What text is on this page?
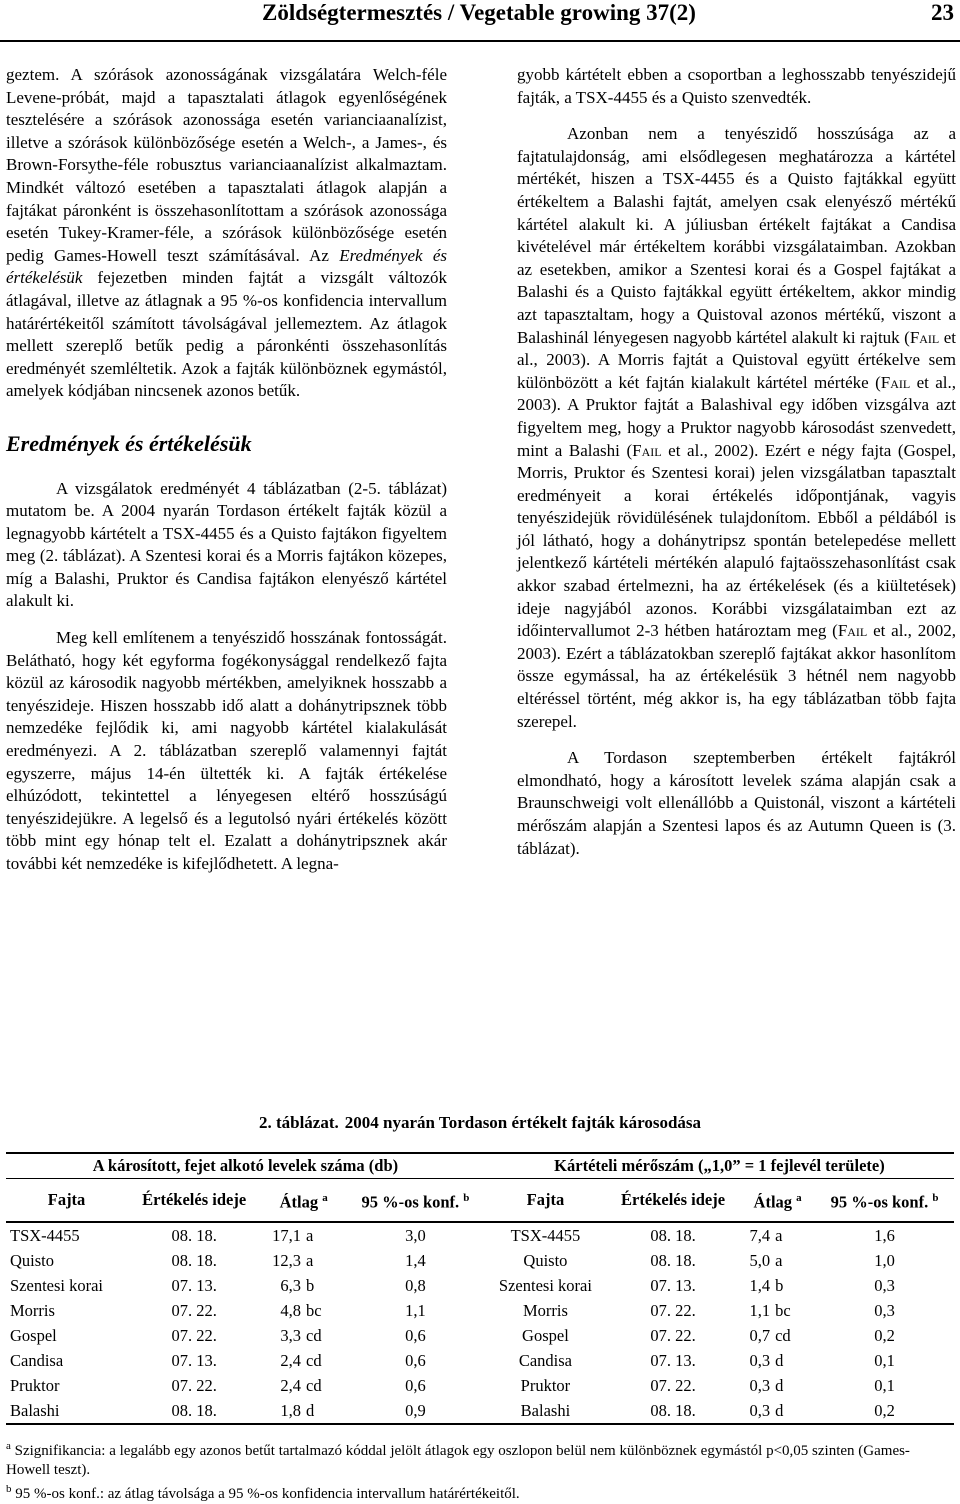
Zöldségtermesztés / Vegetable growing 37(2)	23

geztem. A szórások azonosságának vizsgálatára Welch-féle Levene-próbát, majd a tapasztalati átlagok egyenlőségének tesztelésére a szórások azonossága esetén varianciaanalízist, illetve a szórások különbözősége esetén a Welch-, a James-, és Brown-Forsythe-féle robusztus varianciaanalízist alkalmaztam. Mindkét változó esetében a tapasztalati átlagok alapján a fajtákat páronként is összehasonlítottam a szórások azonossága esetén Tukey-Kramer-féle, a szórások különbözősége esetén pedig Games-Howell teszt számításával. Az Eredmények és értékelésük fejezetben minden fajtát a vizsgált változók átlagával, illetve az átlagnak a 95 %-os konfidencia intervallum határértékeitől számított távolságával jellemeztem. Az átlagok mellett szereplő betűk pedig a páronkénti összehasonlítás eredményét szemléltetik. Azok a fajták különböznek egymástól, amelyek kódjában nincsenek azonos betűk.

Eredmények és értékelésük

A vizsgálatok eredményét 4 táblázatban (2-5. táblázat) mutatom be. A 2004 nyarán Tordason értékelt fajták közül a legnagyobb kártételt a TSX-4455 és a Quisto fajtákon figyeltem meg (2. táblázat). A Szentesi korai és a Morris fajtákon közepes, míg a Balashi, Pruktor és Candisa fajtákon elenyésző kártétel alakult ki.

Meg kell említenem a tenyészidő hosszának fontosságát. Belátható, hogy két egyforma fogékonysággal rendelkező fajta közül az károsodik nagyobb mértékben, amelyiknek hosszabb a tenyészideje. Hiszen hosszabb idő alatt a dohánytripsznek több nemzedéke fejlődik ki, ami nagyobb kártétel kialakulását eredményezi. A 2. táblázatban szereplő valamennyi fajtát egyszerre, május 14-én ültették ki. A fajták értékelése elhúzódott, tekintettel a lényegesen eltérő hosszúságú tenyészidejükre. A legelső és a legutolsó nyári értékelés között több mint egy hónap telt el. Ezalatt a dohánytripsznek akár további két nemzedéke is kifejlődhetett. A legna-

gyobb kártételt ebben a csoportban a leghosszabb tenyészidejű fajták, a TSX-4455 és a Quisto szenvedték.

Azonban nem a tenyészidő hosszúsága az a fajtatulajdonság, ami elsődlegesen meghatározza a kártétel mértékét, hiszen a TSX-4455 és a Quisto fajtákkal együtt értékeltem a Balashi fajtát, amelyen csak elenyésző mértékű kártétel alakult ki. A júliusban értékelt fajtákat a Candisa kivételével már értékeltem korábbi vizsgálataimban. Azokban az esetekben, amikor a Szentesi korai és a Gospel fajtákat a Balashi és a Quisto fajtákkal együtt értékeltem, akkor mindig azt tapasztaltam, hogy a Quistoval azonos mértékű, viszont a Balashinál lényegesen nagyobb kártétel alakult ki rajtuk (Fail et al., 2003). A Morris fajtát a Quistoval együtt értékelve sem különbözött a két fajtán kialakult kártétel mértéke (Fail et al., 2003). A Pruktor fajtát a Balashival egy időben vizsgálva azt figyeltem meg, hogy a Pruktor nagyobb károsodást szenvedett, mint a Balashi (Fail et al., 2002). Ezért e négy fajta (Gospel, Morris, Pruktor és Szentesi korai) jelen vizsgálatban tapasztalt eredményeit a korai értékelés időpontjának, vagyis tenyészidejük rövidülésének tulajdonítom. Ebből a példából is jól látható, hogy a dohánytripsz spontán betelepedése mellett jelentkező kártételi mértékén alapuló fajtaösszehasonlítást csak akkor szabad értelmezni, ha az értékelések (és a kiültetések) ideje nagyjából azonos. Korábbi vizsgálataimban ezt az időintervallumot 2-3 hétben határoztam meg (Fail et al., 2002, 2003). Ezért a táblázatokban szereplő fajtákat akkor hasonlítom össze egymással, ha az értékelésük 3 hétnél nem nagyobb eltéréssel történt, még akkor is, ha egy táblázatban több fajta szerepel.

A Tordason szeptemberben értékelt fajtákról elmondható, hogy a károsított levelek száma alapján csak a Braunschweigi volt ellenállóbb a Quistonál, viszont a kártételi mérőszám alapján a Szentesi lapos és az Autumn Queen is (3. táblázat).

2. táblázat. 2004 nyarán Tordason értékelt fajták károsodása
A károsított, fejet alkotó levelek száma (db)					Kártételi mérőszám („1,0” = 1 fejlevél területe)				
Fajta	Értékelés ideje	Átlag $^a$		95 %-os konf. $^b$	Fajta	Értékelés ideje	Átlag $^a$		95 %-os konf. $^b$
TSX-4455	08. 18.	17,1	a	3,0	TSX-4455	08. 18.	7,4	a	1,6
Quisto	08. 18.	12,3	a	1,4	Quisto	08. 18.	5,0	a	1,0
Szentesi korai	07. 13.	6,3	b	0,8	Szentesi korai	07. 13.	1,4	b	0,3
Morris	07. 22.	4,8	bc	1,1	Morris	07. 22.	1,1	bc	0,3
Gospel	07. 22.	3,3	cd	0,6	Gospel	07. 22.	0,7	cd	0,2
Candisa	07. 13.	2,4	cd	0,6	Candisa	07. 13.	0,3	d	0,1
Pruktor	07. 22.	2,4	cd	0,6	Pruktor	07. 22.	0,3	d	0,1
Balashi	08. 18.	1,8	d	0,9	Balashi	08. 18.	0,3	d	0,2

$^a$ Szignifikancia: a legalább egy azonos betűt tartalmazó kóddal jelölt átlagok egy oszlopon belül nem különböznek egymástól p<0,05 szinten (Games-Howell teszt).

$^b$ 95 %-os konf.: az átlag távolsága a 95 %-os konfidencia intervallum határértékeitől.
